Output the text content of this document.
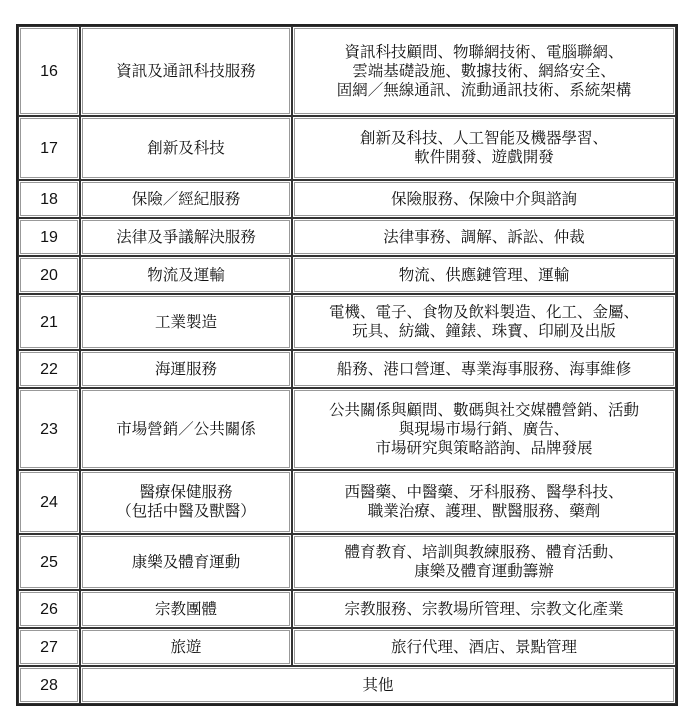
16	資訊及通訊科技服務	資訊科技顧問、物聯網技術、電腦聯網、
雲端基礎設施、數據技術、網絡安全、
固網／無線通訊、流動通訊技術、系統架構

17	創新及科技	創新及科技、人工智能及機器學習、
軟件開發、遊戲開發

18	保險／經紀服務	保險服務、保險中介與諮詢

19	法律及爭議解決服務	法律事務、調解、訴訟、仲裁

20	物流及運輸	物流、供應鏈管理、運輸

21	工業製造	電機、電子、食物及飲料製造、化工、金屬、
玩具、紡織、鐘錶、珠寶、印刷及出版

22	海運服務	船務、港口營運、專業海事服務、海事維修

23	市場營銷／公共關係	公共關係與顧問、數碼與社交媒體營銷、活動
與現場市場行銷、廣告、
市場研究與策略諮詢、品牌發展

24	醫療保健服務
（包括中醫及獸醫）	西醫藥、中醫藥、牙科服務、醫學科技、
職業治療、護理、獸醫服務、藥劑

25	康樂及體育運動	體育教育、培訓與教練服務、體育活動、
康樂及體育運動籌辦

26	宗教團體	宗教服務、宗教場所管理、宗教文化產業

27	旅遊	旅行代理、酒店、景點管理

28	其他	
